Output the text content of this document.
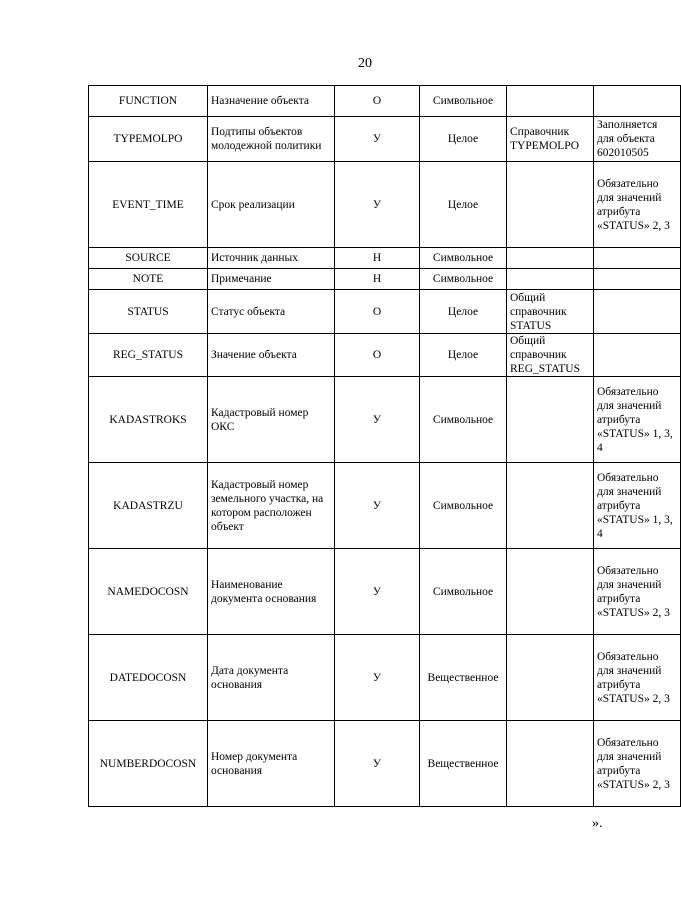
20
FUNCTION	Назначение объекта	О	Символьное		
TYPEMOLPO	Подтипы объектов молодежной политики	У	Целое	Справочник TYPEMOLPO	Заполняется для объекта 602010505
EVENT_TIME	Срок реализации	У	Целое		Обязательно для значений атрибута «STATUS» 2, 3
SOURCE	Источник данных	Н	Символьное		
NOTE	Примечание	Н	Символьное		
STATUS	Статус объекта	О	Целое	Общий справочник STATUS	
REG_STATUS	Значение объекта	О	Целое	Общий справочник REG_STATUS	
KADASTROKS	Кадастровый номер ОКС	У	Символьное		Обязательно для значений атрибута «STATUS» 1, 3, 4
KADASTRZU	Кадастровый номер земельного участка, на котором расположен объект	У	Символьное		Обязательно для значений атрибута «STATUS» 1, 3, 4
NAMEDOCOSN	Наименование документа основания	У	Символьное		Обязательно для значений атрибута «STATUS» 2, 3
DATEDOCOSN	Дата документа основания	У	Вещественное		Обязательно для значений атрибута «STATUS» 2, 3
NUMBERDOCOSN	Номер документа основания	У	Вещественное		Обязательно для значений атрибута «STATUS» 2, 3
».
